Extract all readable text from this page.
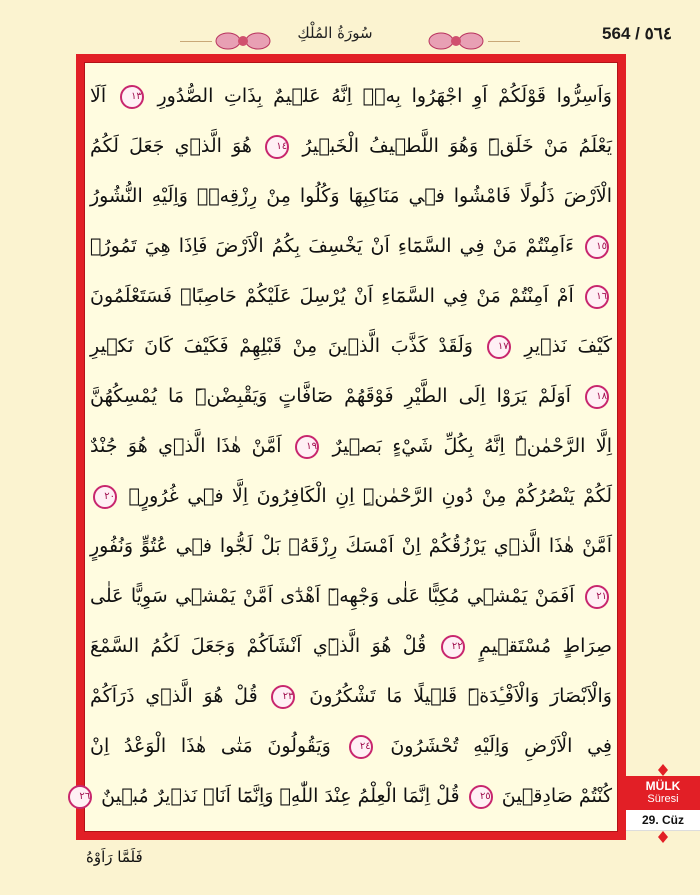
سُورَةُ المُلْكِ	564 / ٥٦٤
وَاَسِرُّوا قَوْلَكُمْ اَوِ اجْهَرُوا بِه۪ۜ اِنَّهُ عَل۪يمٌ بِذَاتِ الصُّدُورِ ١٣ اَلَا
يَعْلَمُ مَنْ خَلَقَۜ وَهُوَ اللَّط۪يفُ الْخَب۪يرُ ١٤ هُوَ الَّذ۪ي جَعَلَ لَكُمُ
الْاَرْضَ ذَلُولًا فَامْشُوا ف۪ي مَنَاكِبِهَا وَكُلُوا مِنْ رِزْقِه۪ۜ وَاِلَيْهِ النُّشُورُ
١٥ ءَاَمِنْتُمْ مَنْ فِي السَّمَٓاءِ اَنْ يَخْسِفَ بِكُمُ الْاَرْضَ فَاِذَا هِيَ تَمُورُۙ
١٦ اَمْ اَمِنْتُمْ مَنْ فِي السَّمَٓاءِ اَنْ يُرْسِلَ عَلَيْكُمْ حَاصِبًاۜ فَسَتَعْلَمُونَ
كَيْفَ نَذ۪يرِ ١٧ وَلَقَدْ كَذَّبَ الَّذ۪ينَ مِنْ قَبْلِهِمْ فَكَيْفَ كَانَ نَك۪يرِ
١٨ اَوَلَمْ يَرَوْا اِلَى الطَّيْرِ فَوْقَهُمْ صَٓافَّاتٍ وَيَقْبِضْنَۜ مَا يُمْسِكُهُنَّ
اِلَّا الرَّحْمٰنُۜ اِنَّهُ بِكُلِّ شَيْءٍ بَص۪يرٌ ١٩ اَمَّنْ هٰذَا الَّذ۪ي هُوَ جُنْدٌ
لَكُمْ يَنْصُرُكُمْ مِنْ دُونِ الرَّحْمٰنِۜ اِنِ الْكَافِرُونَ اِلَّا ف۪ي غُرُورٍۚ ٢٠
اَمَّنْ هٰذَا الَّذ۪ي يَرْزُقُكُمْ اِنْ اَمْسَكَ رِزْقَهُۚ بَلْ لَجُّوا ف۪ي عُتُوٍّ وَنُفُورٍ
٢١ اَفَمَنْ يَمْش۪ي مُكِبًّا عَلٰى وَجْهِه۪ٓ اَهْدٰٓى اَمَّنْ يَمْش۪ي سَوِيًّا عَلٰى
صِرَاطٍ مُسْتَق۪يمٍ ٢٢ قُلْ هُوَ الَّذ۪ٓي اَنْشَاَكُمْ وَجَعَلَ لَكُمُ السَّمْعَ
وَالْاَبْصَارَ وَالْاَفْـِٔدَةَۜ قَل۪يلًا مَا تَشْكُرُونَ ٢٣ قُلْ هُوَ الَّذ۪ي ذَرَاَكُمْ
فِي الْاَرْضِ وَاِلَيْهِ تُحْشَرُونَ ٢٤ وَيَقُولُونَ مَتٰى هٰذَا الْوَعْدُ اِنْ
كُنْتُمْ صَادِق۪ينَ ٢٥ قُلْ اِنَّمَا الْعِلْمُ عِنْدَ اللّٰهِۖ وَاِنَّمَٓا اَنَا۬ نَذ۪يرٌ مُب۪ينٌ ٢٦
فَلَمَّا رَاَوْهُ
MÜLK
Süresi
29. Cüz
